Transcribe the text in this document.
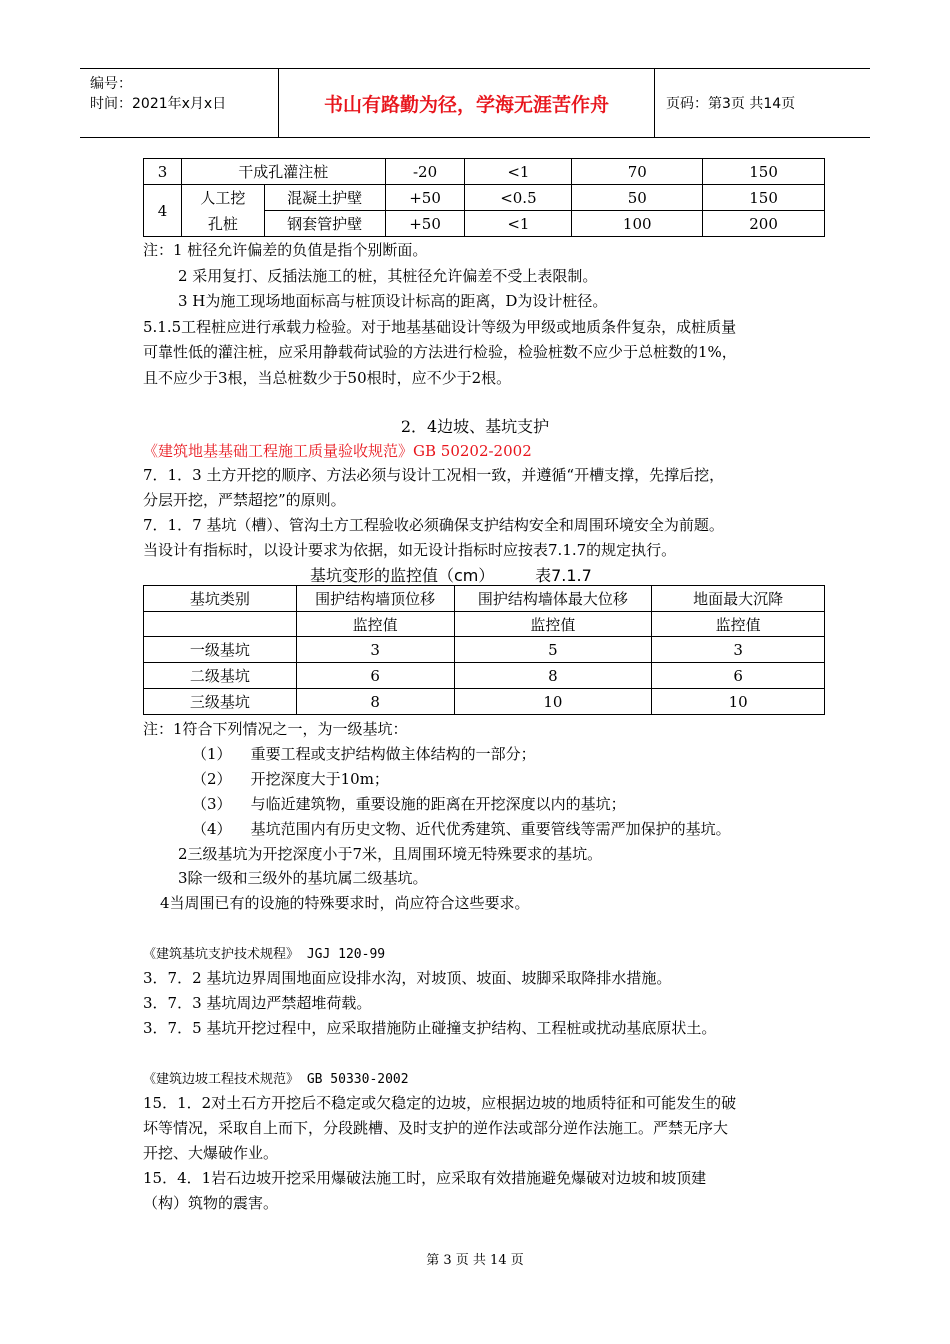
编号：
时间：2021年x月x日	书山有路勤为径，学海无涯苦作舟	页码：第3页 共14页
3	干成孔灌注桩		-20	<1	70	150
4	人工挖	混凝土护壁	+50	<0.5	50	150
	孔桩	钢套管护壁	+50	<1	100	200
注：1 桩径允许偏差的负值是指个别断面。
2 采用复打、反插法施工的桩，其桩径允许偏差不受上表限制。
3 H为施工现场地面标高与桩顶设计标高的距离，D为设计桩径。
5.1.5工程桩应进行承载力检验。对于地基基础设计等级为甲级或地质条件复杂，成桩质量
可靠性低的灌注桩，应采用静载荷试验的方法进行检验，检验桩数不应少于总桩数的1%，
且不应少于3根，当总桩数少于50根时，应不少于2根。
2．4边坡、基坑支护
《建筑地基基础工程施工质量验收规范》GB 50202-2002
7．1．3 土方开挖的顺序、方法必须与设计工况相一致，并遵循“开槽支撑，先撑后挖，
分层开挖，严禁超挖”的原则。
7．1．7 基坑（槽）、管沟土方工程验收必须确保支护结构安全和周围环境安全为前题。
当设计有指标时，以设计要求为依据，如无设计指标时应按表7.1.7的规定执行。
基坑变形的监控值（cm）        表7.1.7
基坑类别	围护结构墙顶位移	围护结构墙体最大位移	地面最大沉降
	监控值	监控值	监控值
一级基坑	3	5	3
二级基坑	6	8	6
三级基坑	8	10	10
注：1符合下列情况之一，为一级基坑：
（1）    重要工程或支护结构做主体结构的一部分；
（2）    开挖深度大于10m；
（3）    与临近建筑物，重要设施的距离在开挖深度以内的基坑；
（4）    基坑范围内有历史文物、近代优秀建筑、重要管线等需严加保护的基坑。
2三级基坑为开挖深度小于7米，且周围环境无特殊要求的基坑。
3除一级和三级外的基坑属二级基坑。
4当周围已有的设施的特殊要求时，尚应符合这些要求。
《建筑基坑支护技术规程》 JGJ 120-99
3．7．2 基坑边界周围地面应设排水沟，对坡顶、坡面、坡脚采取降排水措施。
3．7．3 基坑周边严禁超堆荷载。
3．7．5 基坑开挖过程中，应采取措施防止碰撞支护结构、工程桩或扰动基底原状土。
《建筑边坡工程技术规范》 GB 50330-2002
15．1．2对土石方开挖后不稳定或欠稳定的边坡，应根据边坡的地质特征和可能发生的破
坏等情况，采取自上而下，分段跳槽、及时支护的逆作法或部分逆作法施工。严禁无序大
开挖、大爆破作业。
15．4．1岩石边坡开挖采用爆破法施工时，应采取有效措施避免爆破对边坡和坡顶建
（构）筑物的震害。
第 3 页 共 14 页
